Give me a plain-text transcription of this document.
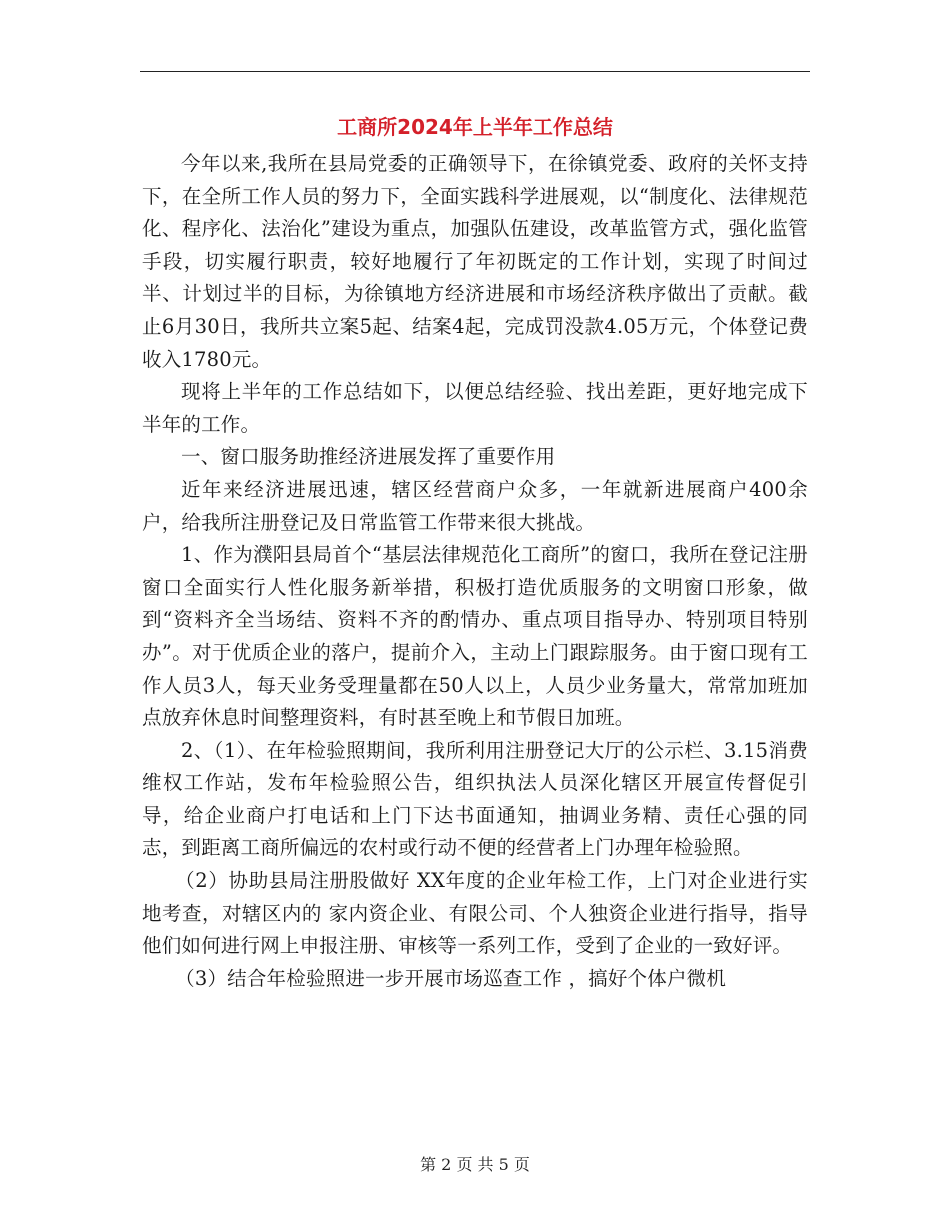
工商所2024年上半年工作总结

今年以来,我所在县局党委的正确领导下，在徐镇党委、政府的关怀支持下，在全所工作人员的努力下，全面实践科学进展观，以“制度化、法律规范化、程序化、法治化”建设为重点，加强队伍建设，改革监管方式，强化监管手段，切实履行职责，较好地履行了年初既定的工作计划，实现了时间过半、计划过半的目标，为徐镇地方经济进展和市场经济秩序做出了贡献。截止6月30日，我所共立案5起、结案4起，完成罚没款4.05万元，个体登记费收入1780元。

现将上半年的工作总结如下，以便总结经验、找出差距，更好地完成下半年的工作。

一、窗口服务助推经济进展发挥了重要作用

近年来经济进展迅速，辖区经营商户众多，一年就新进展商户400余户，给我所注册登记及日常监管工作带来很大挑战。

1、作为濮阳县局首个“基层法律规范化工商所”的窗口，我所在登记注册窗口全面实行人性化服务新举措，积极打造优质服务的文明窗口形象，做到“资料齐全当场结、资料不齐的酌情办、重点项目指导办、特别项目特别办”。对于优质企业的落户，提前介入，主动上门跟踪服务。由于窗口现有工作人员3人，每天业务受理量都在50人以上，人员少业务量大，常常加班加点放弃休息时间整理资料，有时甚至晚上和节假日加班。

2、（1）、在年检验照期间，我所利用注册登记大厅的公示栏、3.15消费维权工作站，发布年检验照公告，组织执法人员深化辖区开展宣传督促引导，给企业商户打电话和上门下达书面通知，抽调业务精、责任心强的同志，到距离工商所偏远的农村或行动不便的经营者上门办理年检验照。

（2）协助县局注册股做好 XX年度的企业年检工作，上门对企业进行实地考查，对辖区内的 家内资企业、有限公司、个人独资企业进行指导，指导他们如何进行网上申报注册、审核等一系列工作，受到了企业的一致好评。

（3）结合年检验照进一步开展市场巡查工作 ，搞好个体户微机

第 2 页 共 5 页
